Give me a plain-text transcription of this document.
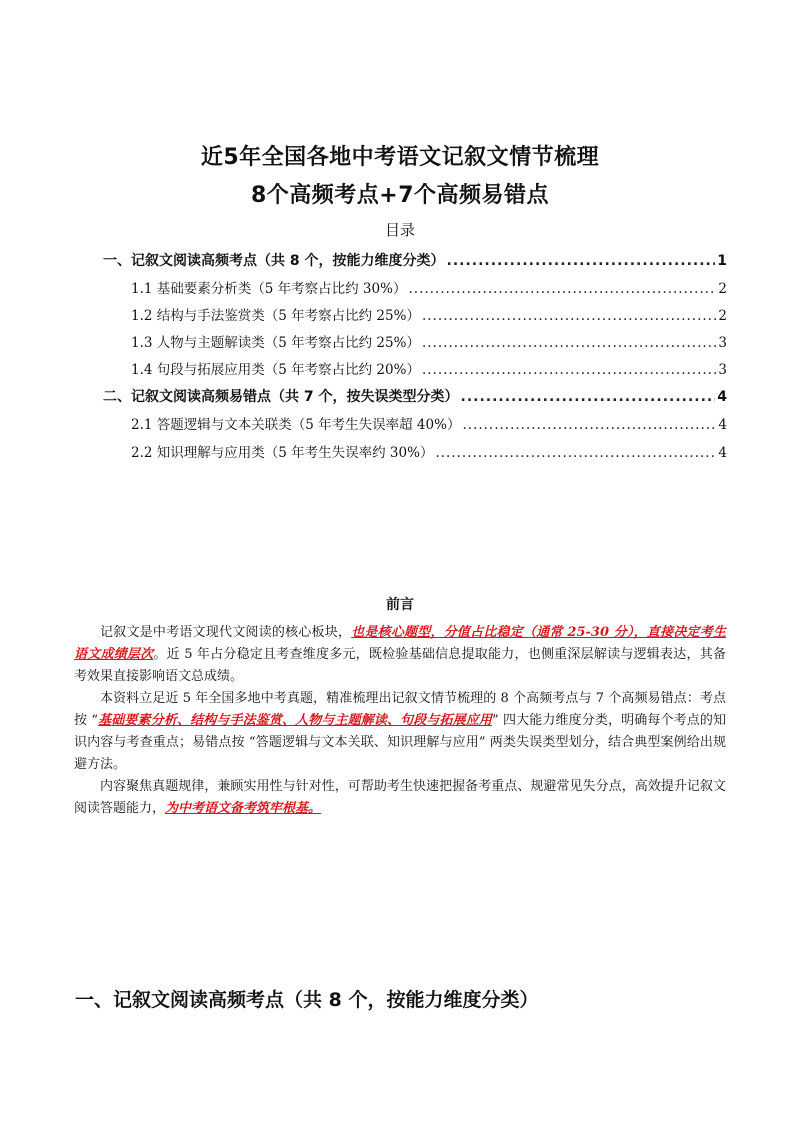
近5年全国各地中考语文记叙文情节梳理
8个高频考点+7个高频易错点
目录
一、记叙文阅读高频考点（共 8 个，按能力维度分类） .....	1
1.1 基础要素分析类（5 年考察占比约 30%） .....	2
1.2 结构与手法鉴赏类（5 年考察占比约 25%） .....	2
1.3 人物与主题解读类（5 年考察占比约 25%） .....	3
1.4 句段与拓展应用类（5 年考察占比约 20%） .....	3
二、记叙文阅读高频易错点（共 7 个，按失误类型分类） .....	4
2.1 答题逻辑与文本关联类（5 年考生失误率超 40%） .....	4
2.2 知识理解与应用类（5 年考生失误率约 30%） .....	4
前言
记叙文是中考语文现代文阅读的核心板块，也是核心题型，分值占比稳定（通常 25-30 分），直接决定考生语文成绩层次。近 5 年占分稳定且考查维度多元，既检验基础信息提取能力，也侧重深层解读与逻辑表达，其备考效果直接影响语文总成绩。
本资料立足近 5 年全国多地中考真题，精准梳理出记叙文情节梳理的 8 个高频考点与 7 个高频易错点：考点按 “基础要素分析、结构与手法鉴赏、人物与主题解读、句段与拓展应用” 四大能力维度分类，明确每个考点的知识内容与考查重点；易错点按 “答题逻辑与文本关联、知识理解与应用” 两类失误类型划分，结合典型案例给出规避方法。
内容聚焦真题规律，兼顾实用性与针对性，可帮助考生快速把握备考重点、规避常见失分点，高效提升记叙文阅读答题能力，为中考语文备考筑牢根基。
一、记叙文阅读高频考点（共 8 个，按能力维度分类）
